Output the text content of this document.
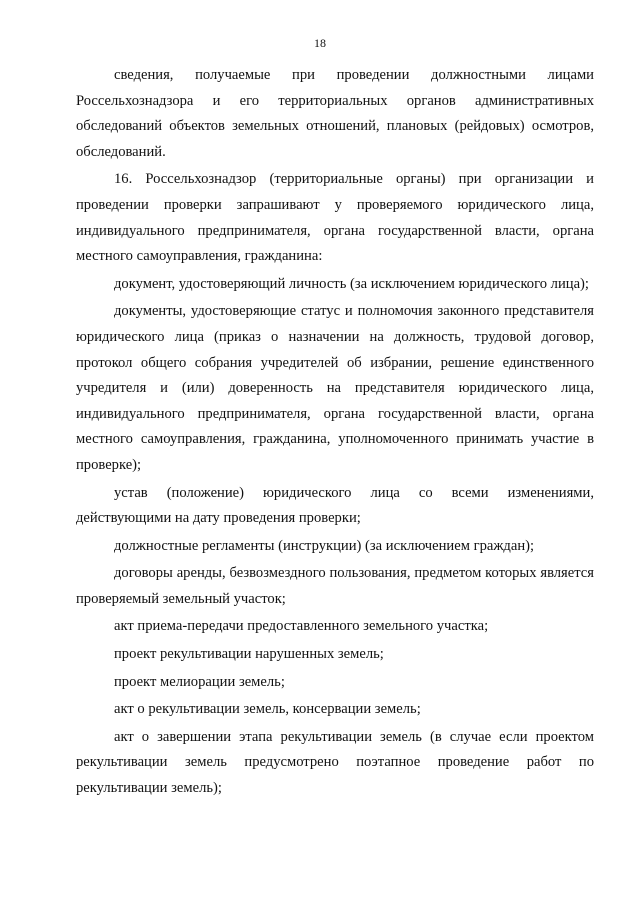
18

сведения, получаемые при проведении должностными лицами Россельхознадзора и его территориальных органов административных обследований объектов земельных отношений, плановых (рейдовых) осмотров, обследований.

16. Россельхознадзор (территориальные органы) при организации и проведении проверки запрашивают у проверяемого юридического лица, индивидуального предпринимателя, органа государственной власти, органа местного самоуправления, гражданина:

документ, удостоверяющий личность (за исключением юридического лица);

документы, удостоверяющие статус и полномочия законного представителя юридического лица (приказ о назначении на должность, трудовой договор, протокол общего собрания учредителей об избрании, решение единственного учредителя и (или) доверенность на представителя юридического лица, индивидуального предпринимателя, органа государственной власти, органа местного самоуправления, гражданина, уполномоченного принимать участие в проверке);

устав (положение) юридического лица со всеми изменениями, действующими на дату проведения проверки;

должностные регламенты (инструкции) (за исключением граждан);

договоры аренды, безвозмездного пользования, предметом которых является проверяемый земельный участок;

акт приема-передачи предоставленного земельного участка;

проект рекультивации нарушенных земель;

проект мелиорации земель;

акт о рекультивации земель, консервации земель;

акт о завершении этапа рекультивации земель (в случае если проектом рекультивации земель предусмотрено поэтапное проведение работ по рекультивации земель);
